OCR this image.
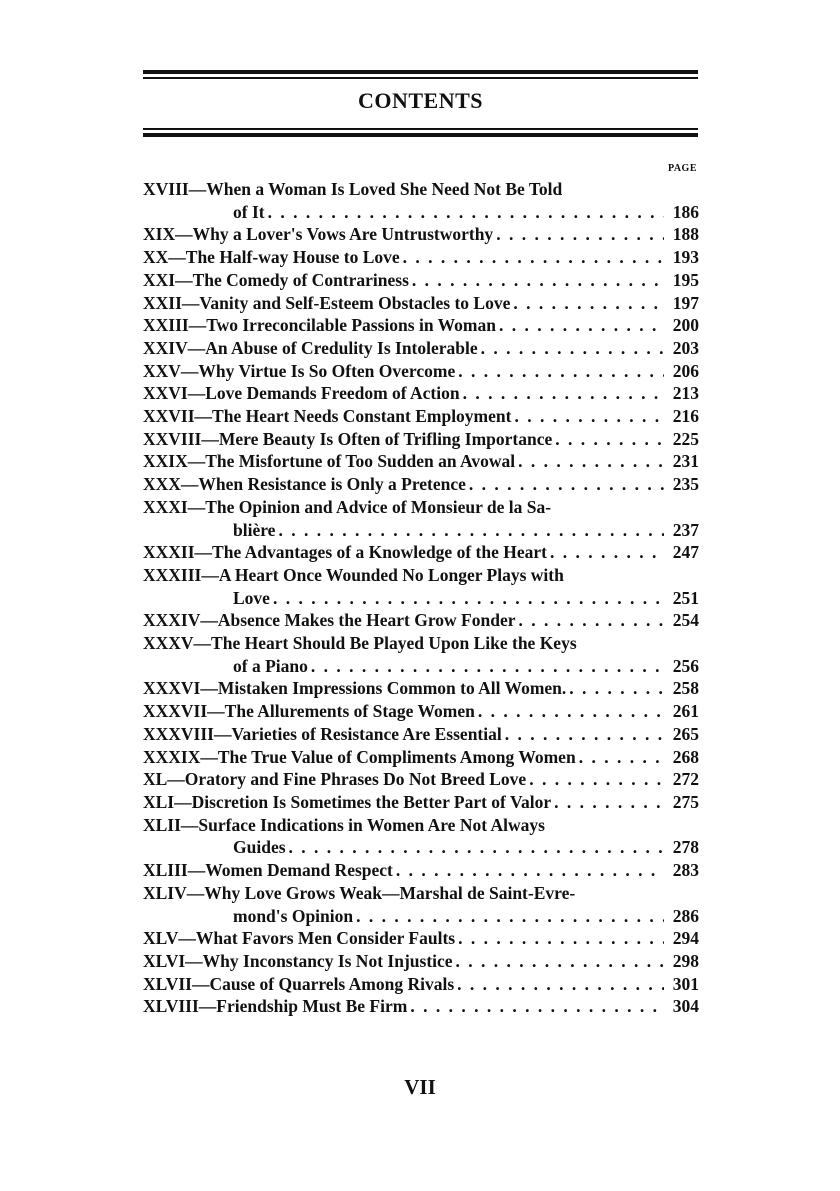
CONTENTS
PAGE
XVIII—When a Woman Is Loved She Need Not Be Told
of It . . .	186
XIX—Why a Lover's Vows Are Untrustworthy . . .	188
XX—The Half-way House to Love . . .	193
XXI—The Comedy of Contrariness . . .	195
XXII—Vanity and Self-Esteem Obstacles to Love . . .	197
XXIII—Two Irreconcilable Passions in Woman . . .	200
XXIV—An Abuse of Credulity Is Intolerable . . .	203
XXV—Why Virtue Is So Often Overcome . . .	206
XXVI—Love Demands Freedom of Action . . .	213
XXVII—The Heart Needs Constant Employment . . .	216
XXVIII—Mere Beauty Is Often of Trifling Importance . . .	225
XXIX—The Misfortune of Too Sudden an Avowal . . .	231
XXX—When Resistance is Only a Pretence . . .	235
XXXI—The Opinion and Advice of Monsieur de la Sa-
blière . . .	237
XXXII—The Advantages of a Knowledge of the Heart . . .	247
XXXIII—A Heart Once Wounded No Longer Plays with
Love . . .	251
XXXIV—Absence Makes the Heart Grow Fonder . . .	254
XXXV—The Heart Should Be Played Upon Like the Keys
of a Piano . . .	256
XXXVI—Mistaken Impressions Common to All Women. . . .	258
XXXVII—The Allurements of Stage Women . . .	261
XXXVIII—Varieties of Resistance Are Essential . . .	265
XXXIX—The True Value of Compliments Among Women . . .	268
XL—Oratory and Fine Phrases Do Not Breed Love . . .	272
XLI—Discretion Is Sometimes the Better Part of Valor . . .	275
XLII—Surface Indications in Women Are Not Always
Guides . . .	278
XLIII—Women Demand Respect . . .	283
XLIV—Why Love Grows Weak—Marshal de Saint-Evre-
mond's Opinion . . .	286
XLV—What Favors Men Consider Faults . . .	294
XLVI—Why Inconstancy Is Not Injustice . . .	298
XLVII—Cause of Quarrels Among Rivals . . .	301
XLVIII—Friendship Must Be Firm . . .	304
VII
